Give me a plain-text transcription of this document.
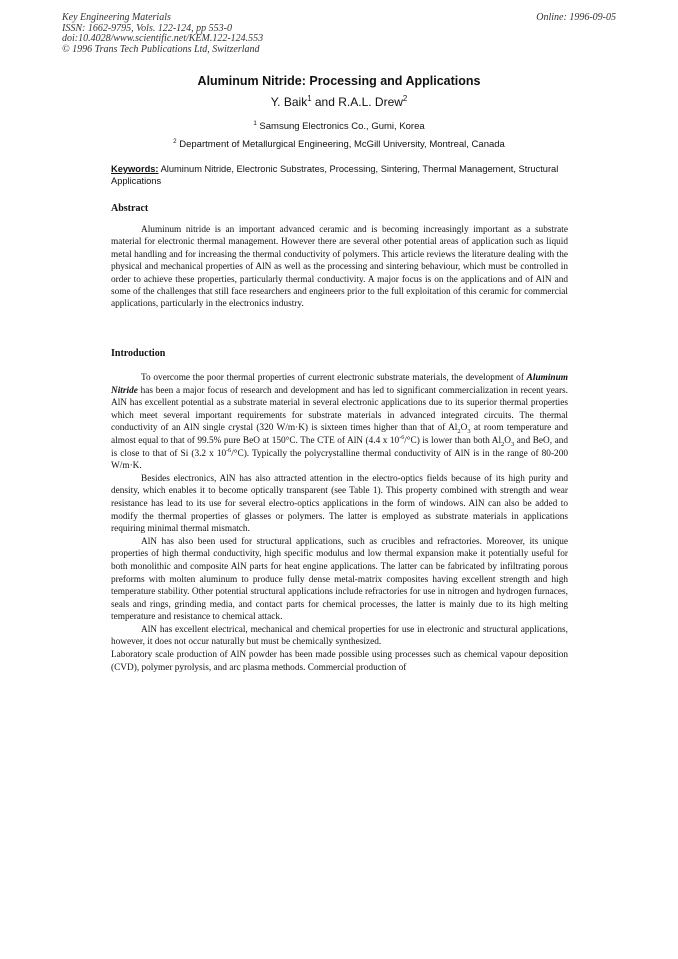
Key Engineering Materials
ISSN: 1662-9795, Vols. 122-124, pp 553-0
doi:10.4028/www.scientific.net/KEM.122-124.553
© 1996 Trans Tech Publications Ltd, Switzerland
Online: 1996-09-05
Aluminum Nitride: Processing and Applications
Y. Baik$^1$ and R.A.L. Drew$^2$
$^1$ Samsung Electronics Co., Gumi, Korea
$^2$ Department of Metallurgical Engineering, McGill University, Montreal, Canada
Keywords: Aluminum Nitride, Electronic Substrates, Processing, Sintering, Thermal Management, Structural Applications
Abstract

Aluminum nitride is an important advanced ceramic and is becoming increasingly important as a substrate material for electronic thermal management. However there are several other potential areas of application such as liquid metal handling and for increasing the thermal conductivity of polymers. This article reviews the literature dealing with the physical and mechanical properties of AlN as well as the processing and sintering behaviour, which must be controlled in order to achieve these properties, particularly thermal conductivity. A major focus is on the applications and of AlN and some of the challenges that still face researchers and engineers prior to the full exploitation of this ceramic for commercial applications, particularly in the electronics industry.

Introduction

To overcome the poor thermal properties of current electronic substrate materials, the development of Aluminum Nitride has been a major focus of research and development and has led to significant commercialization in recent years. AlN has excellent potential as a substrate material in several electronic applications due to its superior thermal properties which meet several important requirements for substrate materials in advanced integrated circuits. The thermal conductivity of an AlN single crystal (320 W/m·K) is sixteen times higher than that of $Al_2O_3$ at room temperature and almost equal to that of 99.5% pure BeO at 150°C. The CTE of AlN (4.4 x $10^{-6}/^\circ C$) is lower than both $Al_2O_3$ and BeO, and is close to that of Si (3.2 x $10^{-6}/^\circ C$). Typically the polycrystalline thermal conductivity of AlN is in the range of 80-200 W/m·K.

Besides electronics, AlN has also attracted attention in the electro-optics fields because of its high purity and density, which enables it to become optically transparent (see Table 1). This property combined with strength and wear resistance has lead to its use for several electro-optics applications in the form of windows. AlN can also be added to modify the thermal properties of glasses or polymers. The latter is employed as substrate materials in applications requiring minimal thermal mismatch.

AlN has also been used for structural applications, such as crucibles and refractories. Moreover, its unique properties of high thermal conductivity, high specific modulus and low thermal expansion make it potentially useful for both monolithic and composite AlN parts for heat engine applications. The latter can be fabricated by infiltrating porous preforms with molten aluminum to produce fully dense metal-matrix composites having excellent strength and high temperature stability. Other potential structural applications include refractories for use in nitrogen and hydrogen furnaces, seals and rings, grinding media, and contact parts for chemical processes, the latter is mainly due to its high melting temperature and resistance to chemical attack.

AlN has excellent electrical, mechanical and chemical properties for use in electronic and structural applications, however, it does not occur naturally but must be chemically synthesized.

Laboratory scale production of AlN powder has been made possible using processes such as chemical vapour deposition (CVD), polymer pyrolysis, and arc plasma methods. Commercial production of
